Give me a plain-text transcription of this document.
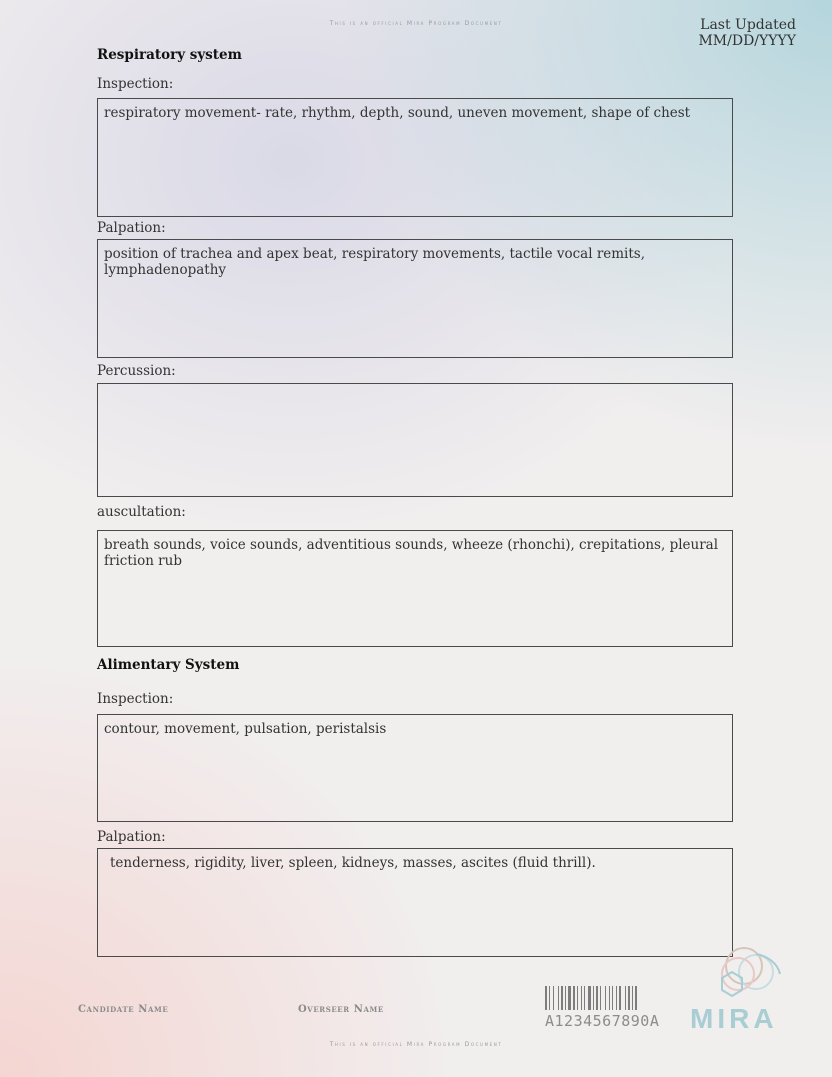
This is an official Mira Program Document	Last Updated
MM/DD/YYYY
Respiratory system
Inspection:
respiratory movement- rate, rhythm, depth, sound, uneven movement, shape of chest
Palpation:
position of trachea and apex beat, respiratory movements, tactile vocal remits, lymphadenopathy
Percussion:
auscultation:
breath sounds, voice sounds, adventitious sounds, wheeze (rhonchi), crepitations, pleural friction rub
Alimentary System
Inspection:
contour, movement, pulsation, peristalsis
Palpation:
tenderness, rigidity, liver, spleen, kidneys, masses, ascites (fluid thrill).
Candidate Name	Overseer Name
A1234567890A MIRA
This is an official Mira Program Document
